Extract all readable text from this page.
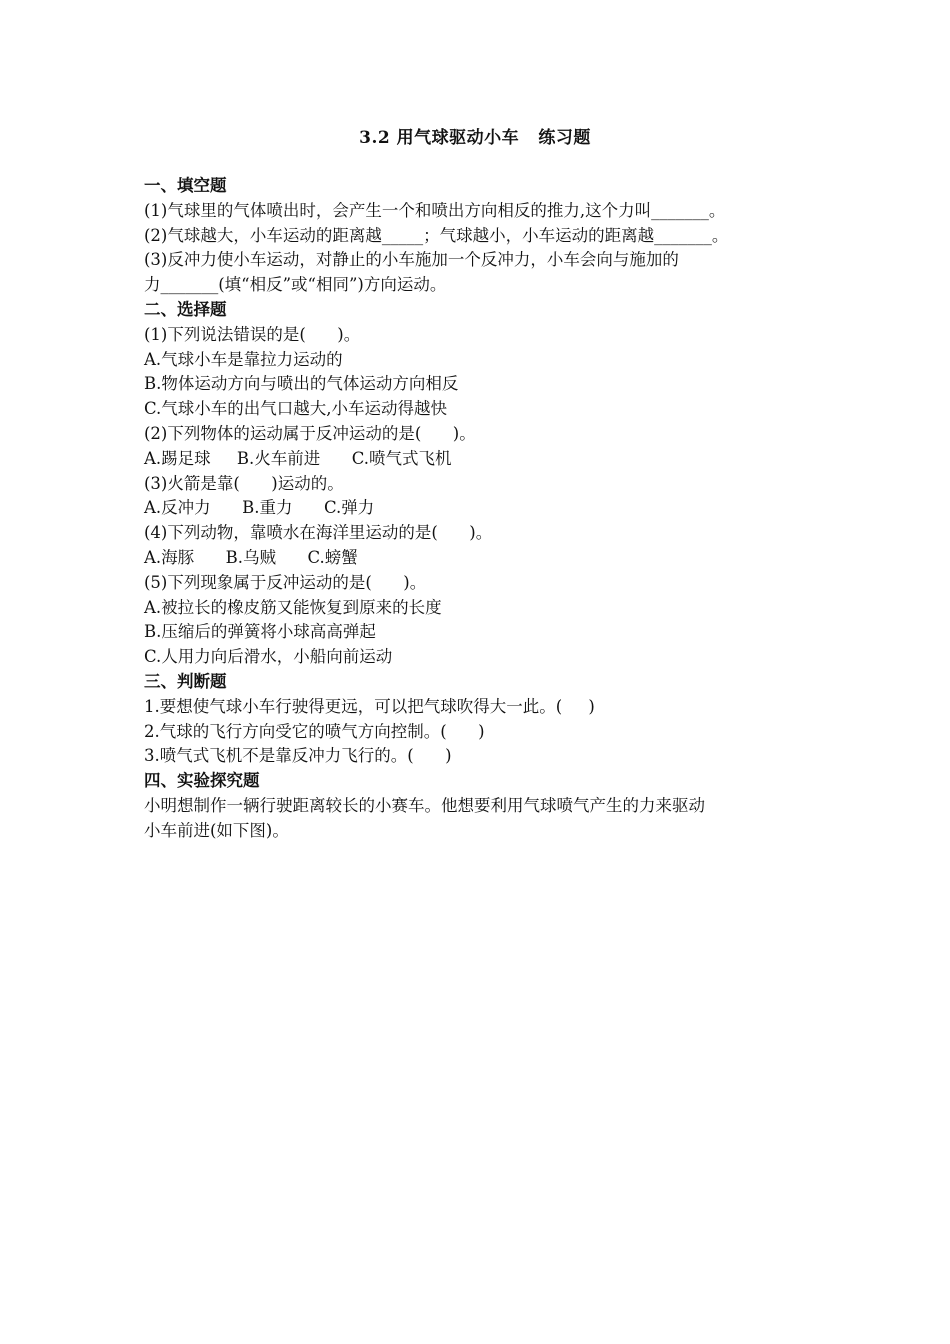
3.2 用气球驱动小车   练习题
一、填空题
(1)气球里的气体喷出时，会产生一个和喷出方向相反的推力,这个力叫_______。
(2)气球越大，小车运动的距离越_____；气球越小，小车运动的距离越_______。
(3)反冲力使小车运动，对静止的小车施加一个反冲力，小车会向与施加的
力_______(填“相反”或“相同”)方向运动。
二、选择题
(1)下列说法错误的是(      )。
A.气球小车是靠拉力运动的
B.物体运动方向与喷出的气体运动方向相反
C.气球小车的出气口越大,小车运动得越快
(2)下列物体的运动属于反冲运动的是(      )。
A.踢足球     B.火车前进      C.喷气式飞机
(3)火箭是靠(      )运动的。
A.反冲力      B.重力      C.弹力
(4)下列动物，靠喷水在海洋里运动的是(      )。
A.海豚      B.乌贼      C.螃蟹
(5)下列现象属于反冲运动的是(      )。
A.被拉长的橡皮筋又能恢复到原来的长度
B.压缩后的弹簧将小球高高弹起
C.人用力向后滑水，小船向前运动
三、判断题
1.要想使气球小车行驶得更远，可以把气球吹得大一此。(     )
2.气球的飞行方向受它的喷气方向控制。(      )
3.喷气式飞机不是靠反冲力飞行的。(      )
四、实验探究题
小明想制作一辆行驶距离较长的小赛车。他想要利用气球喷气产生的力来驱动
小车前进(如下图)。
